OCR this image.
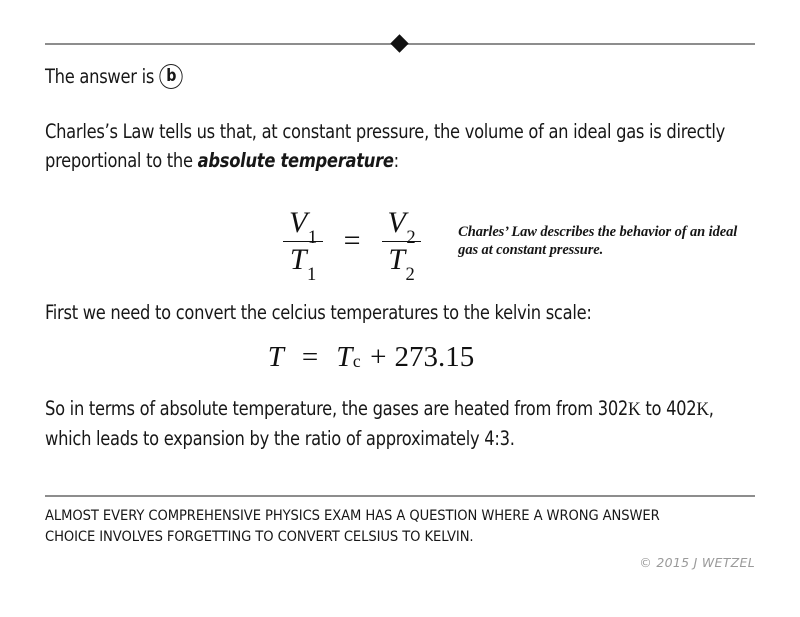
The answer is b
Charles’s Law tells us that, at constant pressure, the volume of an ideal gas is directly preportional to the absolute temperature:
$\frac{V_1}{T_1} = \frac{V_2}{T_2}$	Charles’ Law describes the behavior of an ideal gas at constant pressure.
First we need to convert the celcius temperatures to the kelvin scale:
T = T c + 273.15
So in terms of absolute temperature, the gases are heated from from 302K to 402K, which leads to expansion by the ratio of approximately 4:3.
ALMOST EVERY COMPREHENSIVE PHYSICS EXAM HAS A QUESTION WHERE A WRONG ANSWER CHOICE INVOLVES FORGETTING TO CONVERT CELSIUS TO KELVIN.
© 2015 J WETZEL
